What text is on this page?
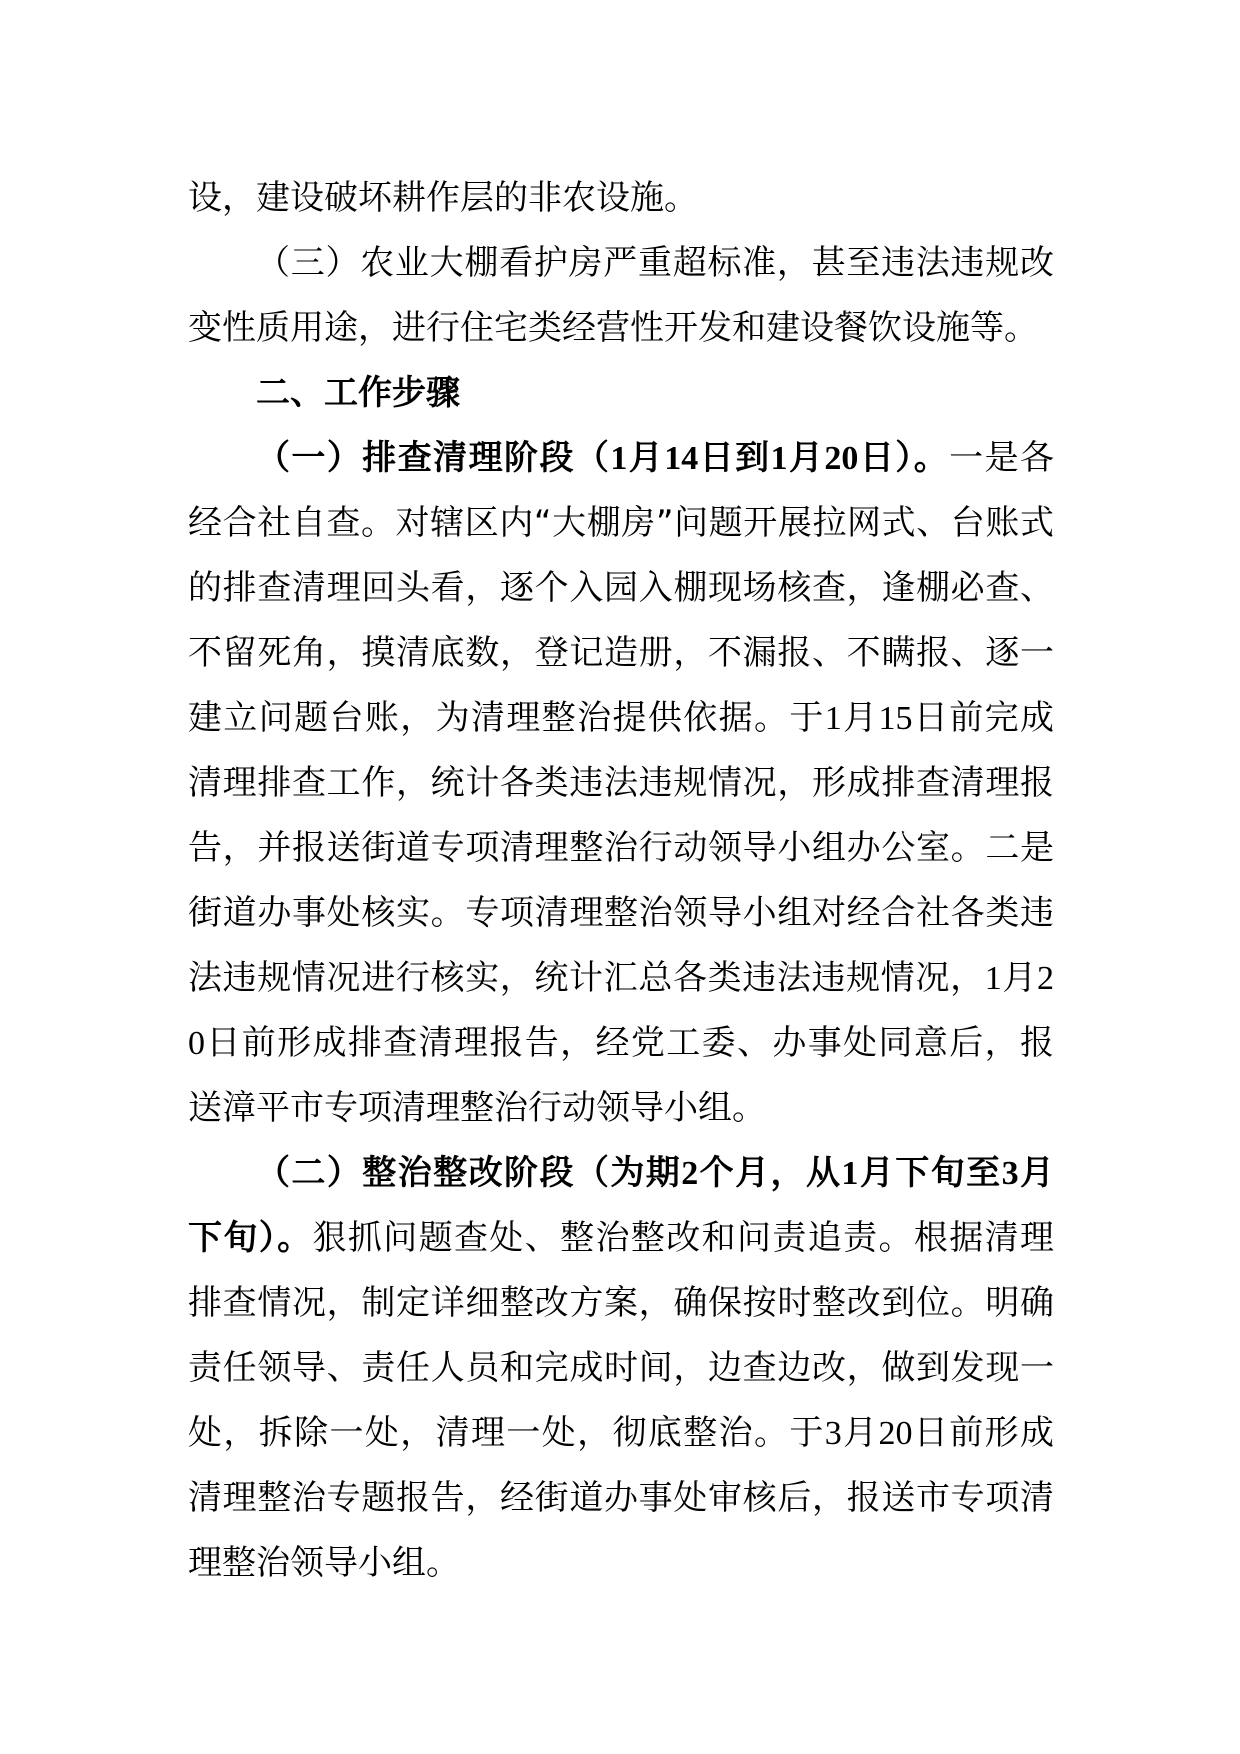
设，建设破坏耕作层的非农设施。

（三）农业大棚看护房严重超标准，甚至违法违规改变性质用途，进行住宅类经营性开发和建设餐饮设施等。

二、工作步骤

（一）排查清理阶段（1月14日到1月20日）。一是各经合社自查。对辖区内“大棚房”问题开展拉网式、台账式的排查清理回头看，逐个入园入棚现场核查，逢棚必查、不留死角，摸清底数，登记造册，不漏报、不瞒报、逐一建立问题台账，为清理整治提供依据。于1月15日前完成清理排查工作，统计各类违法违规情况，形成排查清理报告，并报送街道专项清理整治行动领导小组办公室。二是街道办事处核实。专项清理整治领导小组对经合社各类违法违规情况进行核实，统计汇总各类违法违规情况，1月20日前形成排查清理报告，经党工委、办事处同意后，报送漳平市专项清理整治行动领导小组。

（二）整治整改阶段（为期2个月，从1月下旬至3月下旬）。狠抓问题查处、整治整改和问责追责。根据清理排查情况，制定详细整改方案，确保按时整改到位。明确责任领导、责任人员和完成时间，边查边改，做到发现一处，拆除一处，清理一处，彻底整治。于3月20日前形成清理整治专题报告，经街道办事处审核后，报送市专项清理整治领导小组。
